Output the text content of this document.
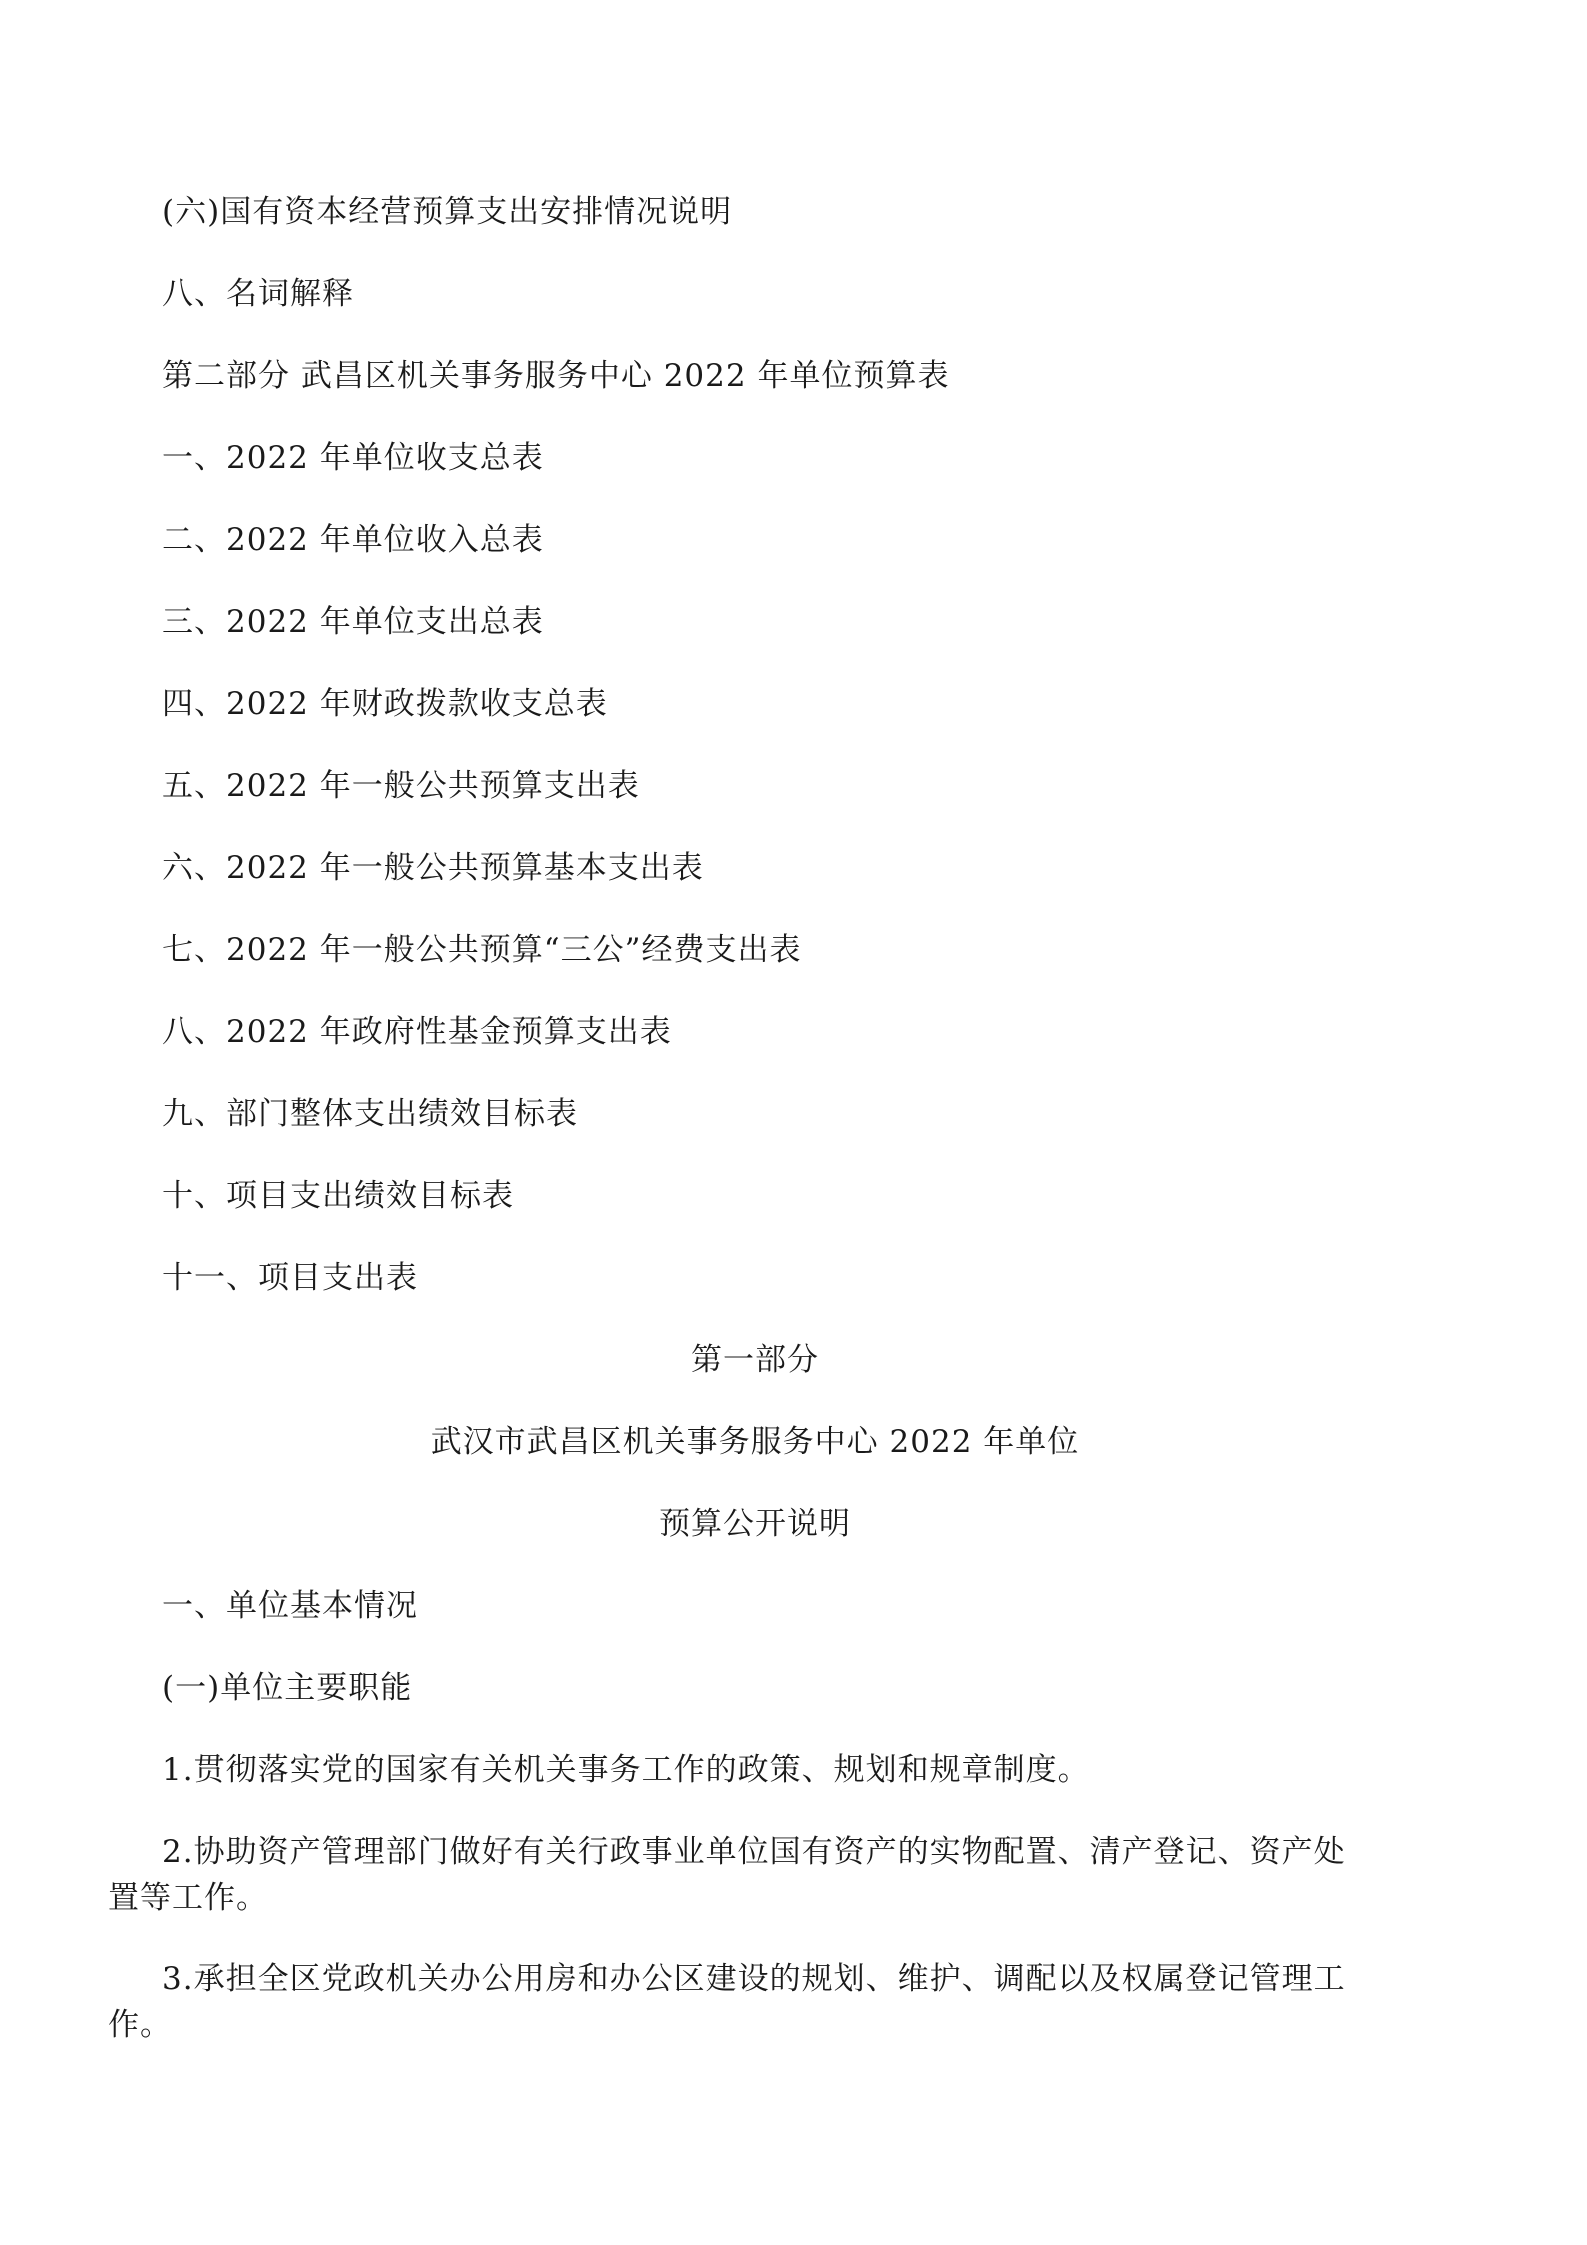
(六)国有资本经营预算支出安排情况说明
八、名词解释
第二部分 武昌区机关事务服务中心 2022 年单位预算表
一、2022 年单位收支总表
二、2022 年单位收入总表
三、2022 年单位支出总表
四、2022 年财政拨款收支总表
五、2022 年一般公共预算支出表
六、2022 年一般公共预算基本支出表
七、2022 年一般公共预算“三公”经费支出表
八、2022 年政府性基金预算支出表
九、部门整体支出绩效目标表
十、项目支出绩效目标表
十一、项目支出表
第一部分
武汉市武昌区机关事务服务中心 2022 年单位
预算公开说明
一、单位基本情况
(一)单位主要职能
1.贯彻落实党的国家有关机关事务工作的政策、规划和规章制度。
2.协助资产管理部门做好有关行政事业单位国有资产的实物配置、清产登记、资产处置等工作。
3.承担全区党政机关办公用房和办公区建设的规划、维护、调配以及权属登记管理工作。
